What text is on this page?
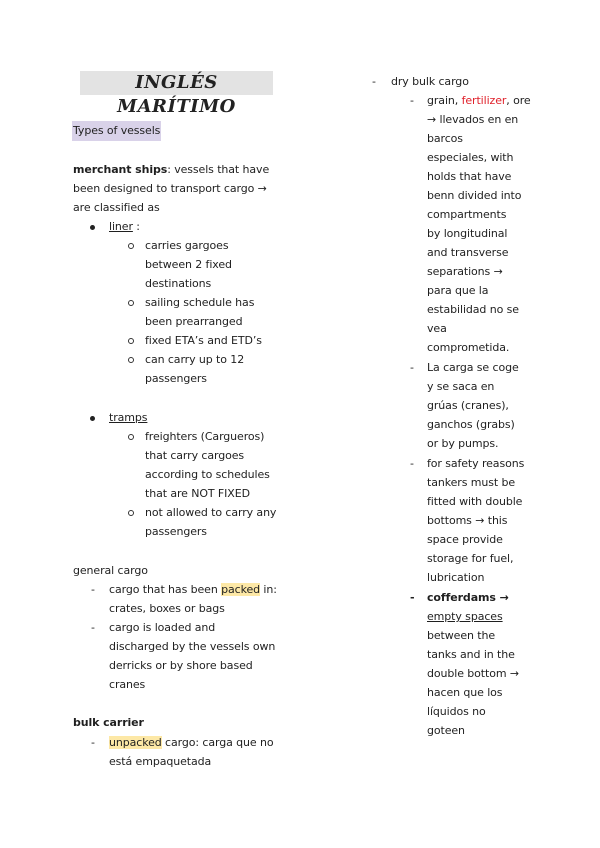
INGLÉS MARÍTIMO
Types of vessels
merchant ships: vessels that have
been designed to transport cargo →
are classified as
liner :
carries gargoes
between 2 fixed
destinations
sailing schedule has
been prearranged
fixed ETA’s and ETD’s
can carry up to 12
passengers
tramps
freighters (Cargueros)
that carry cargoes
according to schedules
that are NOT FIXED
not allowed to carry any
passengers
general cargo
- cargo that has been packed in:
crates, boxes or bags
- cargo is loaded and
discharged by the vessels own
derricks or by shore based
cranes
bulk carrier
- unpacked cargo: carga que no
está empaquetada
- dry bulk cargo
- grain, fertilizer, ore
→ llevados en en
barcos
especiales, with
holds that have
benn divided into
compartments
by longitudinal
and transverse
separations →
para que la
estabilidad no se
vea
comprometida.
- La carga se coge
y se saca en
grúas (cranes),
ganchos (grabs)
or by pumps.
- for safety reasons
tankers must be
fitted with double
bottoms → this
space provide
storage for fuel,
lubrication
- cofferdams →
empty spaces
between the
tanks and in the
double bottom →
hacen que los
líquidos no
goteen
